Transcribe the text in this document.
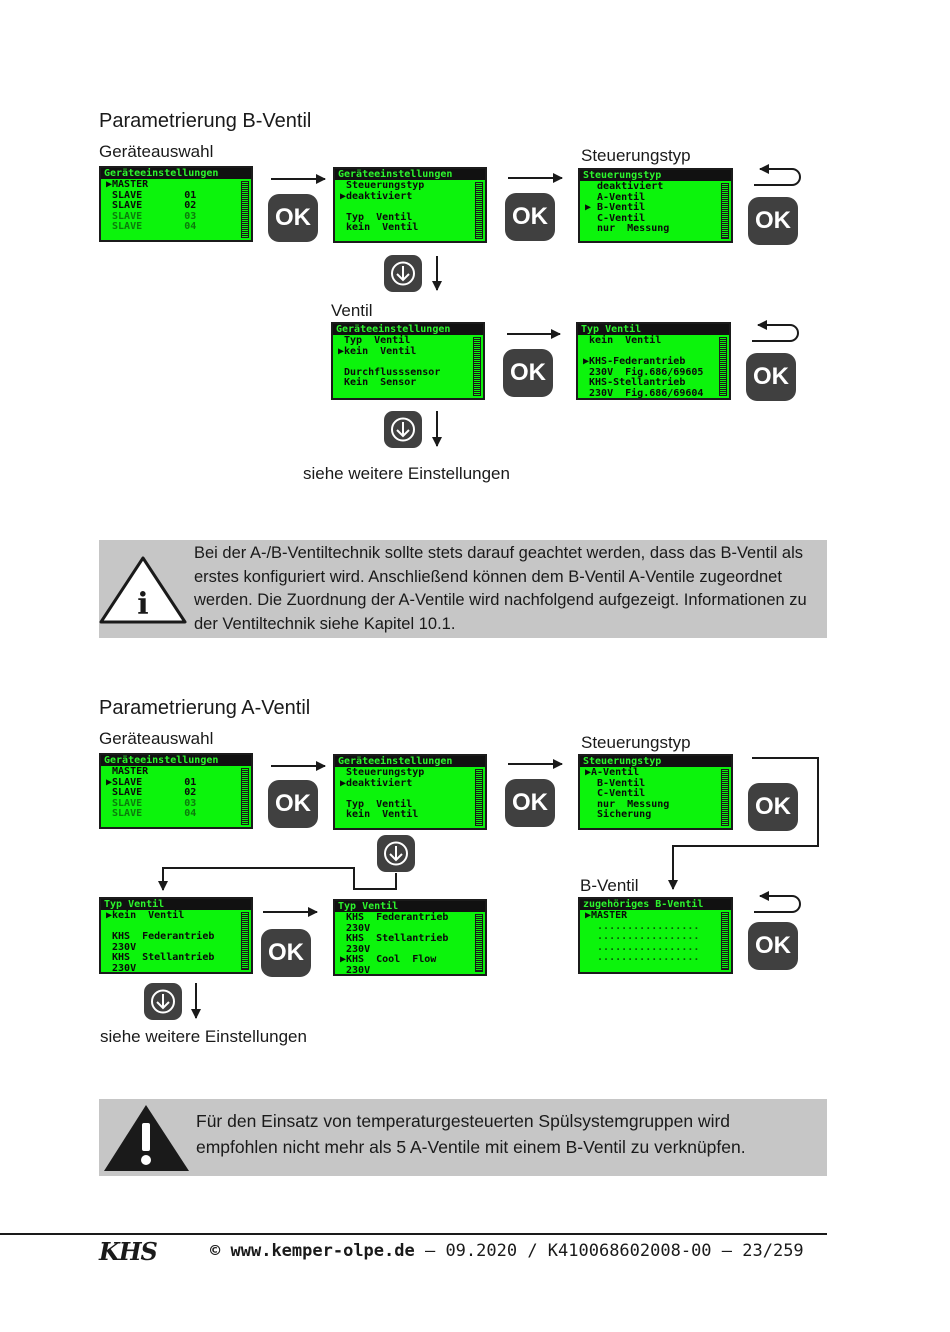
Parametrierung B-Ventil
Geräteauswahl	Steuerungstyp
Ventil
siehe weitere Einstellungen
Geräteeinstellungen
▶MASTER
SLAVE       01
SLAVE       02
SLAVE       03
SLAVE       04
Geräteeinstellungen
Steuerungstyp
▶deaktiviert
Typ  Ventil
kein  Ventil
Steuerungstyp
deaktiviert
A-Ventil
▶ B-Ventil
C-Ventil
nur  Messung
Geräteeinstellungen
Typ  Ventil
▶kein  Ventil
Durchflusssensor
Kein  Sensor
Typ Ventil
kein  Ventil
▶KHS-Federantrieb
230V  Fig.686/69605
KHS-Stellantrieb
230V  Fig.686/69604
OK	OK	OK
OK	OK
i
Bei der A-/B-Ventiltechnik sollte stets darauf geachtet werden, dass das B-Ventil als
erstes konfiguriert wird. Anschließend können dem B-Ventil A-Ventile zugeordnet
werden. Die Zuordnung der A-Ventile wird nachfolgend aufgezeigt. Informationen zu
der Ventiltechnik siehe Kapitel 10.1.
Parametrierung A-Ventil
Geräteauswahl	Steuerungstyp
B-Ventil
siehe weitere Einstellungen
Geräteeinstellungen
MASTER
▶SLAVE       01
SLAVE       02
SLAVE       03
SLAVE       04
Geräteeinstellungen
Steuerungstyp
▶deaktiviert
Typ  Ventil
kein  Ventil
Steuerungstyp
▶A-Ventil
B-Ventil
C-Ventil
nur  Messung
Sicherung
Typ Ventil
▶kein  Ventil
KHS  Federantrieb
230V
KHS  Stellantrieb
230V
Typ Ventil
KHS  Federantrieb
230V
KHS  Stellantrieb
230V
▶KHS  Cool  Flow
230V
zugehöriges B-Ventil
▶MASTER
.................
.................
.................
.................
OK	OK	OK
OK	OK
Für den Einsatz von temperaturgesteuerten Spülsystemgruppen wird
empfohlen nicht mehr als 5 A-Ventile mit einem B-Ventil zu verknüpfen.
KHS	© www.kemper-olpe.de – 09.2020 / K410068602008-00 – 23/259
